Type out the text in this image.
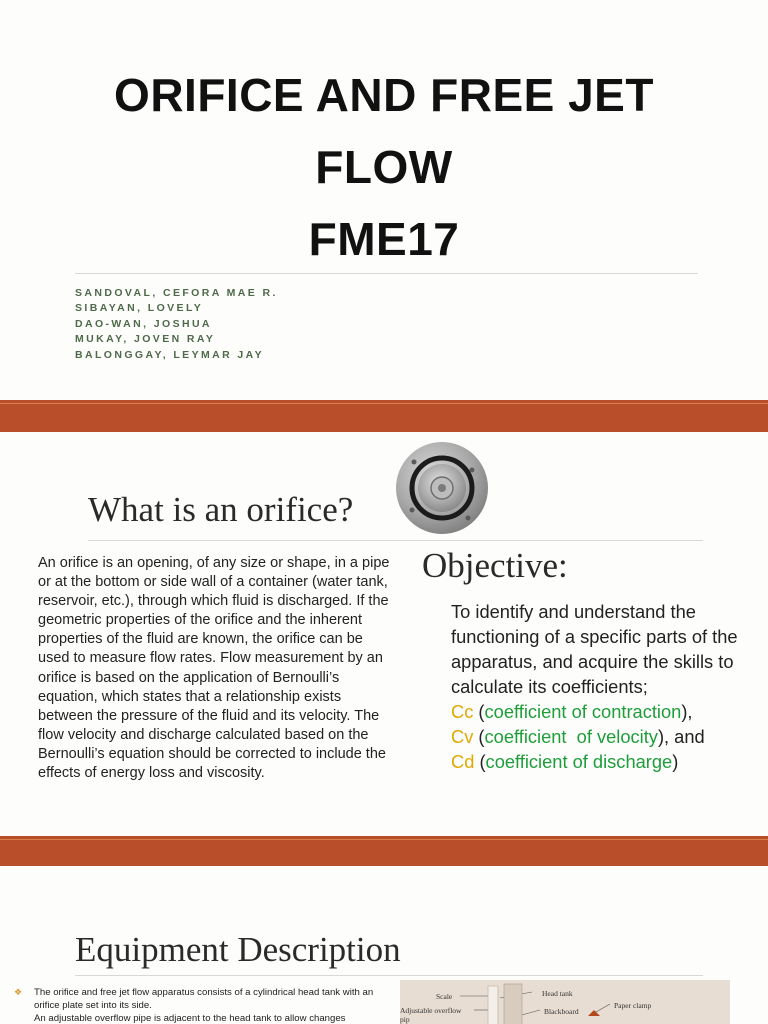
ORIFICE AND FREE JET
FLOW
FME17
SANDOVAL, CEFORA MAE R.
SIBAYAN, LOVELY
DAO-WAN, JOSHUA
MUKAY, JOVEN RAY
BALONGGAY, LEYMAR JAY
What is an orifice?
An orifice is an opening, of any size or shape, in a pipe or at the bottom or side wall of a container (water tank, reservoir, etc.), through which fluid is discharged. If the geometric properties of the orifice and the inherent properties of the fluid are known, the orifice can be used to measure flow rates. Flow measurement by an orifice is based on the application of Bernoulli’s equation, which states that a relationship exists between the pressure of the fluid and its velocity. The flow velocity and discharge calculated based on the Bernoulli’s equation should be corrected to include the effects of energy loss and viscosity.
Objective:
To identify and understand the functioning of a specific parts of the apparatus, and acquire the skills to calculate its coefficients;
Cc (coefficient of contraction),
Cv (coefficient  of velocity), and
Cd (coefficient of discharge)
Equipment Description
❖ The orifice and free jet flow apparatus consists of a cylindrical head tank with an orifice plate set into its side.
An adjustable overflow pipe is adjacent to the head tank to allow changes
Scale
Adjustable overflow
pip
Head tank
Blackboard
Paper clamp
